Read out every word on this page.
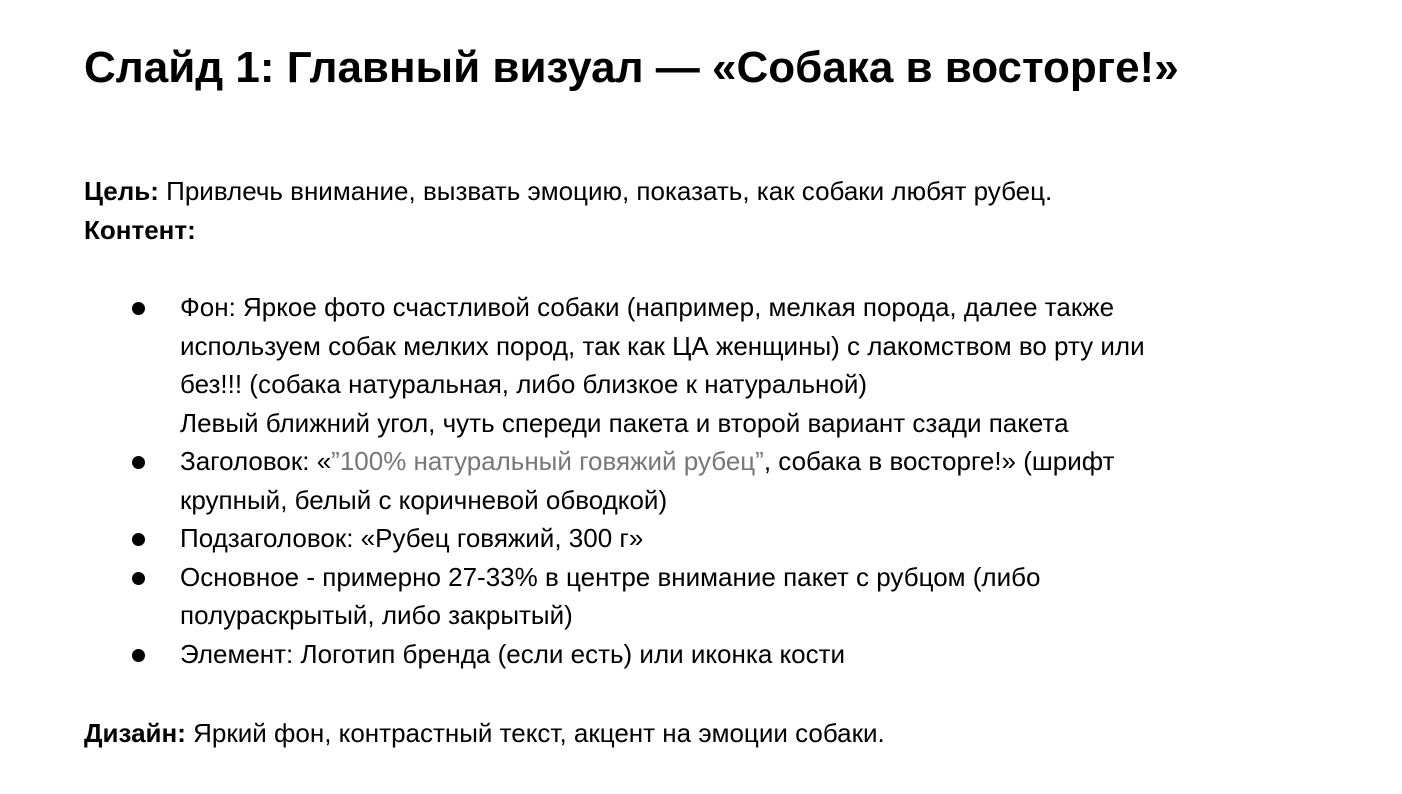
Слайд 1: Главный визуал — «Собака в восторге!»

Цель: Привлечь внимание, вызвать эмоцию, показать, как собаки любят рубец.

Контент:

Фон: Яркое фото счастливой собаки (например, мелкая порода, далее также
используем собак мелких пород, так как ЦА женщины) с лакомством во рту или
без!!! (собака натуральная, либо близкое к натуральной)
Левый ближний угол, чуть спереди пакета и второй вариант сзади пакета
Заголовок: «”100% натуральный говяжий рубец”, собака в восторге!» (шрифт
крупный, белый с коричневой обводкой)
Подзаголовок: «Рубец говяжий, 300 г»
Основное - примерно 27-33% в центре внимание пакет с рубцом (либо
полураскрытый, либо закрытый)
Элемент: Логотип бренда (если есть) или иконка кости

Дизайн: Яркий фон, контрастный текст, акцент на эмоции собаки.
